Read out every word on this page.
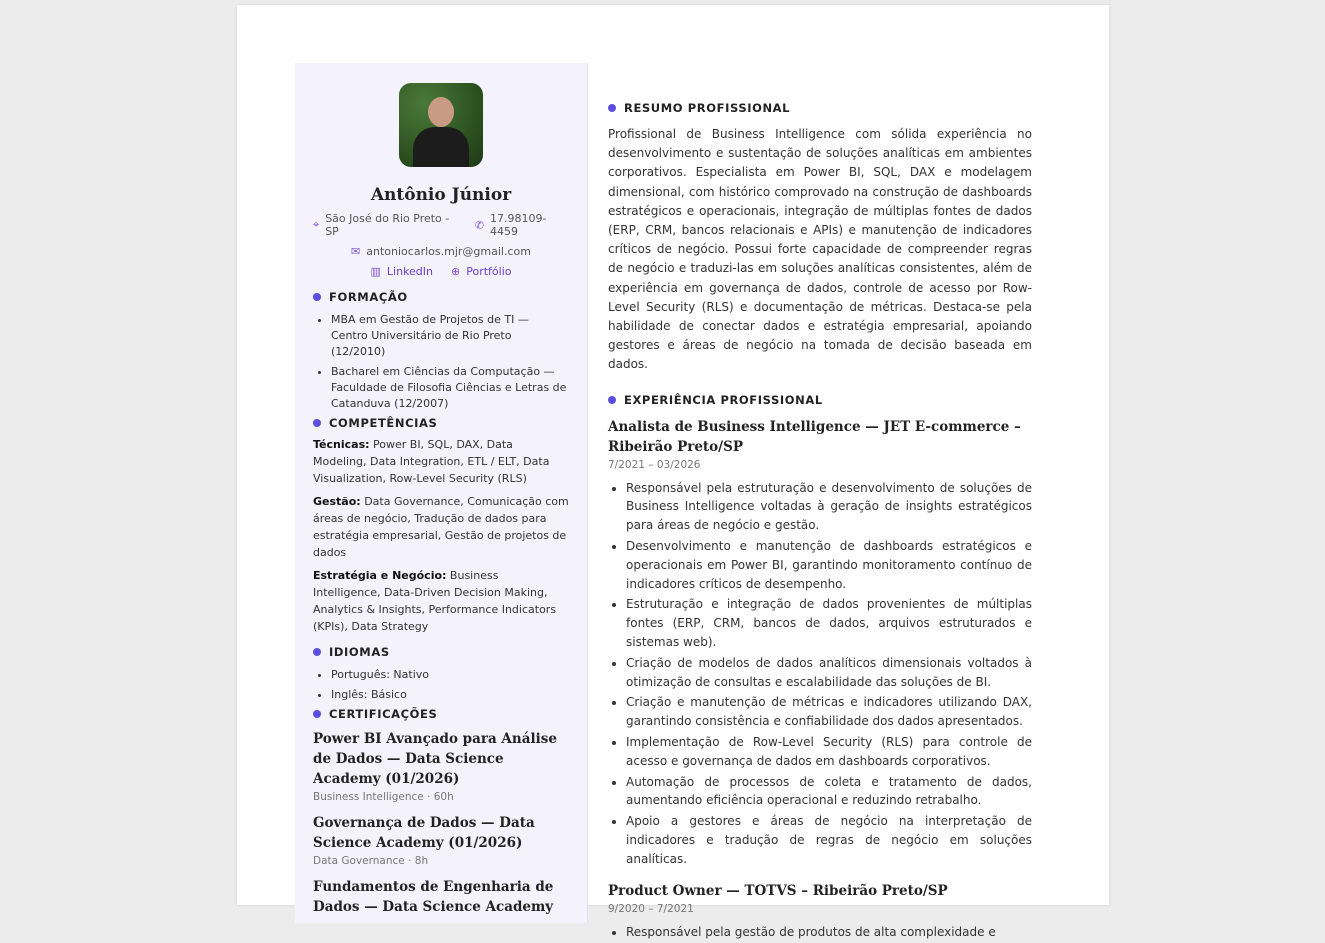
Antônio Júnior
⌖ São José do Rio Preto - SP	✆ 17.98109-4459
✉ antoniocarlos.mjr@gmail.com
▥ LinkedIn ⊕ Portfólio
FORMAÇÃO
• MBA em Gestão de Projetos de TI — Centro Universitário de Rio Preto (12/2010)
• Bacharel em Ciências da Computação — Faculdade de Filosofia Ciências e Letras de Catanduva (12/2007)
COMPETÊNCIAS
Técnicas: Power BI, SQL, DAX, Data Modeling, Data Integration, ETL / ELT, Data Visualization, Row-Level Security (RLS)
Gestão: Data Governance, Comunicação com áreas de negócio, Tradução de dados para estratégia empresarial, Gestão de projetos de dados
Estratégia e Negócio: Business Intelligence, Data-Driven Decision Making, Analytics & Insights, Performance Indicators (KPIs), Data Strategy
IDIOMAS
• Português: Nativo
• Inglês: Básico
CERTIFICAÇÕES
Power BI Avançado para Análise de Dados — Data Science Academy (01/2026)
Business Intelligence · 60h
Governança de Dados — Data Science Academy (01/2026)
Data Governance · 8h
Fundamentos de Engenharia de Dados — Data Science Academy
RESUMO PROFISSIONAL
Profissional de Business Intelligence com sólida experiência no desenvolvimento e sustentação de soluções analíticas em ambientes corporativos. Especialista em Power BI, SQL, DAX e modelagem dimensional, com histórico comprovado na construção de dashboards estratégicos e operacionais, integração de múltiplas fontes de dados (ERP, CRM, bancos relacionais e APIs) e manutenção de indicadores críticos de negócio. Possui forte capacidade de compreender regras de negócio e traduzi-las em soluções analíticas consistentes, além de experiência em governança de dados, controle de acesso por Row-Level Security (RLS) e documentação de métricas. Destaca-se pela habilidade de conectar dados e estratégia empresarial, apoiando gestores e áreas de negócio na tomada de decisão baseada em dados.
EXPERIÊNCIA PROFISSIONAL
Analista de Business Intelligence — JET E-commerce – Ribeirão Preto/SP
7/2021 – 03/2026
• Responsável pela estruturação e desenvolvimento de soluções de Business Intelligence voltadas à geração de insights estratégicos para áreas de negócio e gestão.
• Desenvolvimento e manutenção de dashboards estratégicos e operacionais em Power BI, garantindo monitoramento contínuo de indicadores críticos de desempenho.
• Estruturação e integração de dados provenientes de múltiplas fontes (ERP, CRM, bancos de dados, arquivos estruturados e sistemas web).
• Criação de modelos de dados analíticos dimensionais voltados à otimização de consultas e escalabilidade das soluções de BI.
• Criação e manutenção de métricas e indicadores utilizando DAX, garantindo consistência e confiabilidade dos dados apresentados.
• Implementação de Row-Level Security (RLS) para controle de acesso e governança de dados em dashboards corporativos.
• Automação de processos de coleta e tratamento de dados, aumentando eficiência operacional e reduzindo retrabalho.
• Apoio a gestores e áreas de negócio na interpretação de indicadores e tradução de regras de negócio em soluções analíticas.
Product Owner — TOTVS – Ribeirão Preto/SP
9/2020 – 7/2021
• Responsável pela gestão de produtos de alta complexidade e
